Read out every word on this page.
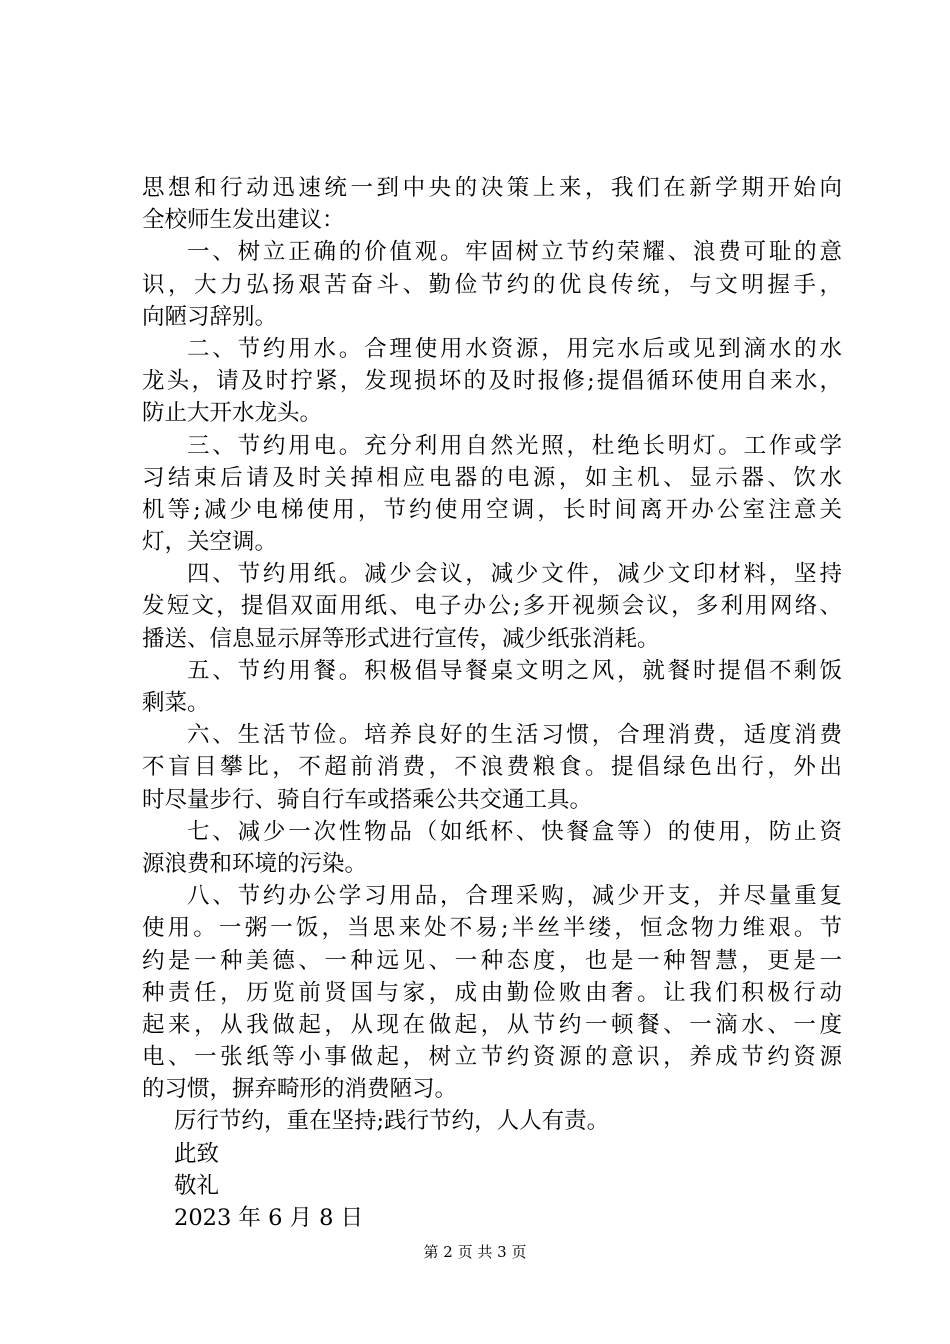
思想和行动迅速统一到中央的决策上来，我们在新学期开始向
全校师生发出建议：
一、树立正确的价值观。牢固树立节约荣耀、浪费可耻的意
识，大力弘扬艰苦奋斗、勤俭节约的优良传统，与文明握手，
向陋习辞别。
二、节约用水。合理使用水资源，用完水后或见到滴水的水
龙头，请及时拧紧，发现损坏的及时报修;提倡循环使用自来水，
防止大开水龙头。
三、节约用电。充分利用自然光照，杜绝长明灯。工作或学
习结束后请及时关掉相应电器的电源，如主机、显示器、饮水
机等;减少电梯使用，节约使用空调，长时间离开办公室注意关
灯，关空调。
四、节约用纸。减少会议，减少文件，减少文印材料，坚持
发短文，提倡双面用纸、电子办公;多开视频会议，多利用网络、
播送、信息显示屏等形式进行宣传，减少纸张消耗。
五、节约用餐。积极倡导餐桌文明之风，就餐时提倡不剩饭
剩菜。
六、生活节俭。培养良好的生活习惯，合理消费，适度消费
不盲目攀比，不超前消费，不浪费粮食。提倡绿色出行，外出
时尽量步行、骑自行车或搭乘公共交通工具。
七、减少一次性物品（如纸杯、快餐盒等）的使用，防止资
源浪费和环境的污染。
八、节约办公学习用品，合理采购，减少开支，并尽量重复
使用。一粥一饭，当思来处不易;半丝半缕，恒念物力维艰。节
约是一种美德、一种远见、一种态度，也是一种智慧，更是一
种责任，历览前贤国与家，成由勤俭败由奢。让我们积极行动
起来，从我做起，从现在做起，从节约一顿餐、一滴水、一度
电、一张纸等小事做起，树立节约资源的意识，养成节约资源
的习惯，摒弃畸形的消费陋习。
厉行节约，重在坚持;践行节约，人人有责。
此致
敬礼
2023 年 6 月 8 日
第 2 页 共 3 页
